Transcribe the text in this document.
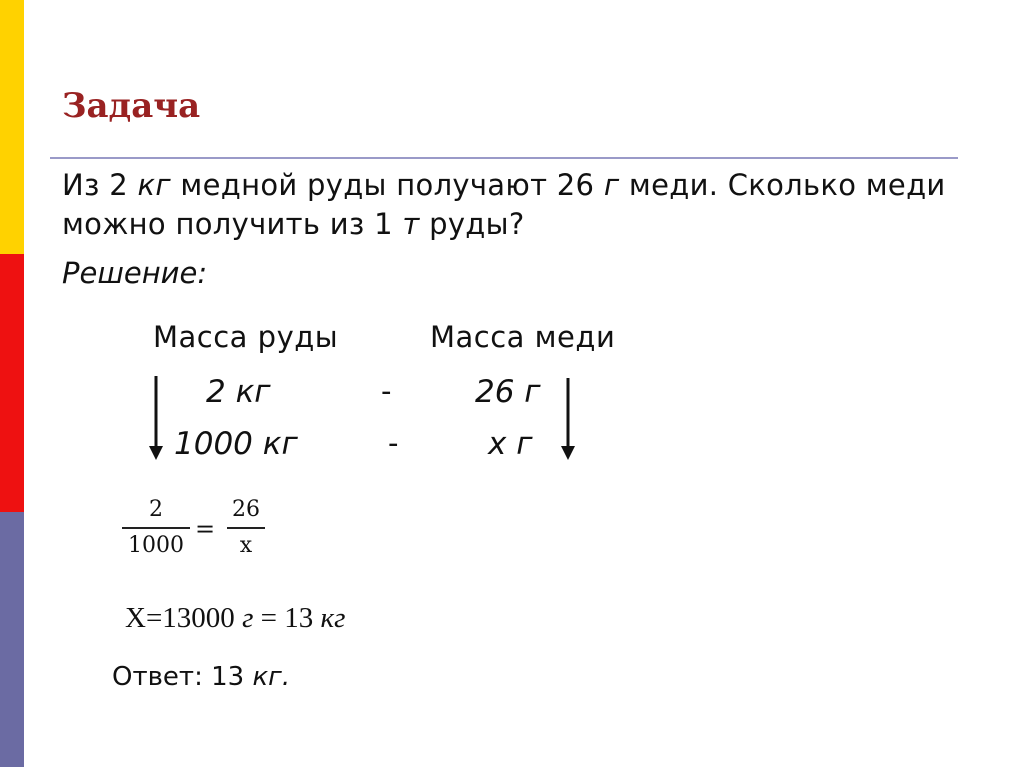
Задача
Из 2 кг медной руды получают 26 г меди. Сколько меди можно получить из 1 т руды?
Решение:
Масса руды	Масса меди
2 кг	-	26 г
1000 кг	-	х г
2
1000
=
26
x
X=13000 г = 13 кг
Ответ: 13 кг.
